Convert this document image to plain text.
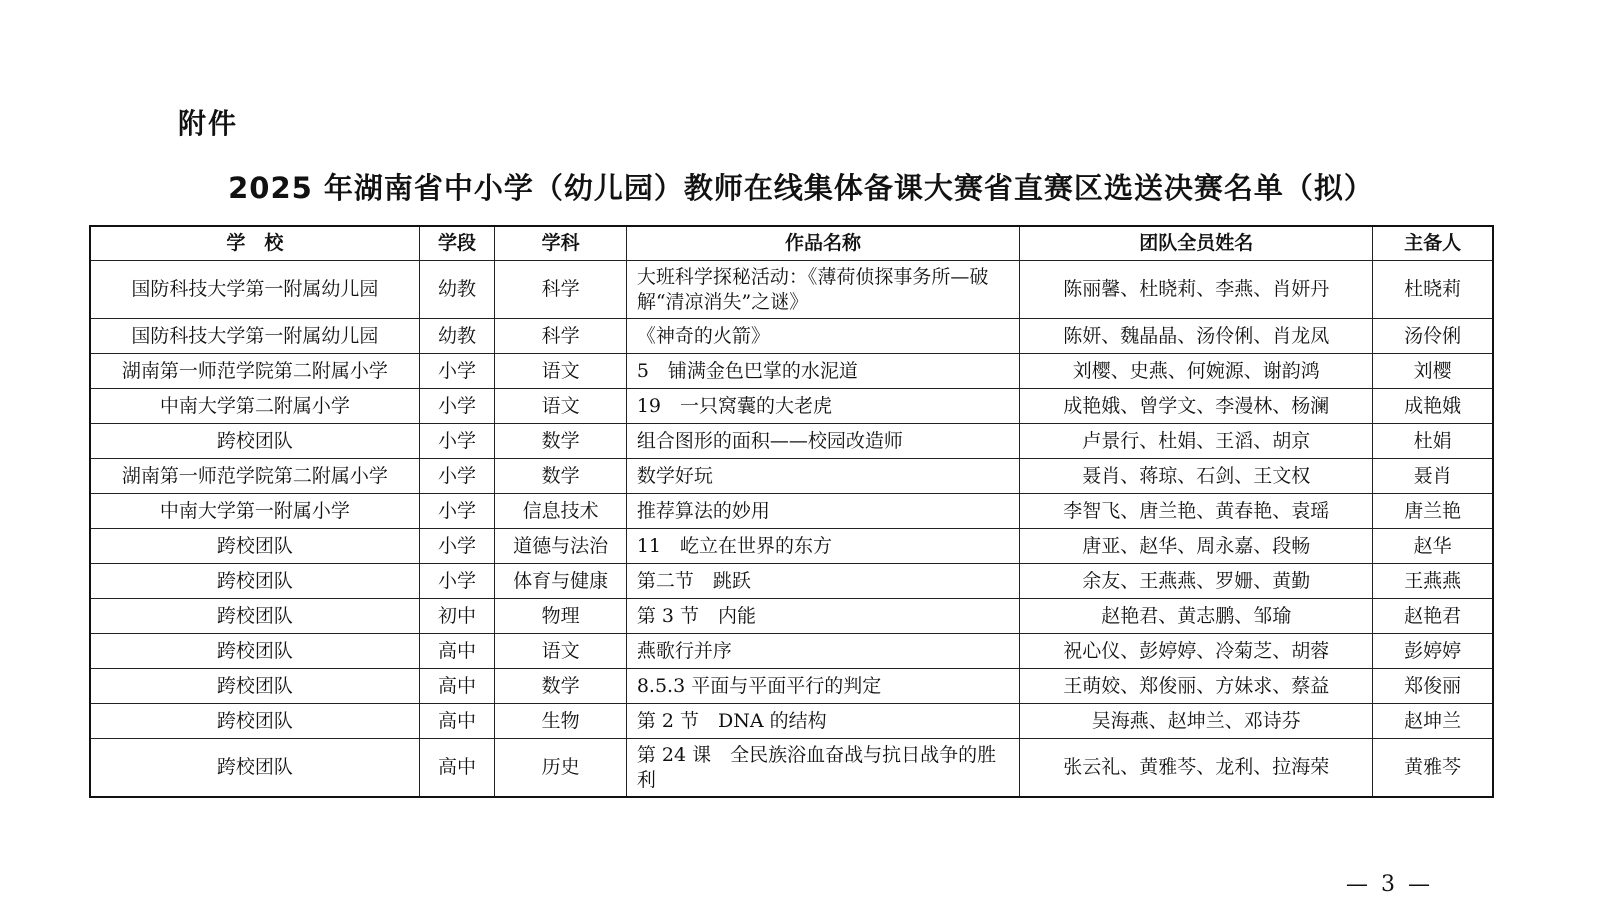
附件
2025 年湖南省中小学（幼儿园）教师在线集体备课大赛省直赛区选送决赛名单（拟）
学　校	学段	学科	作品名称	团队全员姓名	主备人
国防科技大学第一附属幼儿园	幼教	科学	大班科学探秘活动：《薄荷侦探事务所—破解“清凉消失”之谜》	陈丽馨、杜晓莉、李燕、肖妍丹	杜晓莉
国防科技大学第一附属幼儿园	幼教	科学	《神奇的火箭》	陈妍、魏晶晶、汤伶俐、肖龙凤	汤伶俐
湖南第一师范学院第二附属小学	小学	语文	5　铺满金色巴掌的水泥道	刘樱、史燕、何婉源、谢韵鸿	刘樱
中南大学第二附属小学	小学	语文	19　一只窝囊的大老虎	成艳娥、曾学文、李漫林、杨澜	成艳娥
跨校团队	小学	数学	组合图形的面积——校园改造师	卢景行、杜娟、王滔、胡京	杜娟
湖南第一师范学院第二附属小学	小学	数学	数学好玩	聂肖、蒋琼、石剑、王文权	聂肖
中南大学第一附属小学	小学	信息技术	推荐算法的妙用	李智飞、唐兰艳、黄春艳、袁瑶	唐兰艳
跨校团队	小学	道德与法治	11　屹立在世界的东方	唐亚、赵华、周永嘉、段畅	赵华
跨校团队	小学	体育与健康	第二节　跳跃	余友、王燕燕、罗姗、黄勤	王燕燕
跨校团队	初中	物理	第 3 节　内能	赵艳君、黄志鹏、邹瑜	赵艳君
跨校团队	高中	语文	燕歌行并序	祝心仪、彭婷婷、冷菊芝、胡蓉	彭婷婷
跨校团队	高中	数学	8.5.3 平面与平面平行的判定	王萌姣、郑俊丽、方妹求、蔡益	郑俊丽
跨校团队	高中	生物	第 2 节　DNA 的结构	吴海燕、赵坤兰、邓诗芬	赵坤兰
跨校团队	高中	历史	第 24 课　全民族浴血奋战与抗日战争的胜利	张云礼、黄雅芩、龙利、拉海荣	黄雅芩
— 3 —
